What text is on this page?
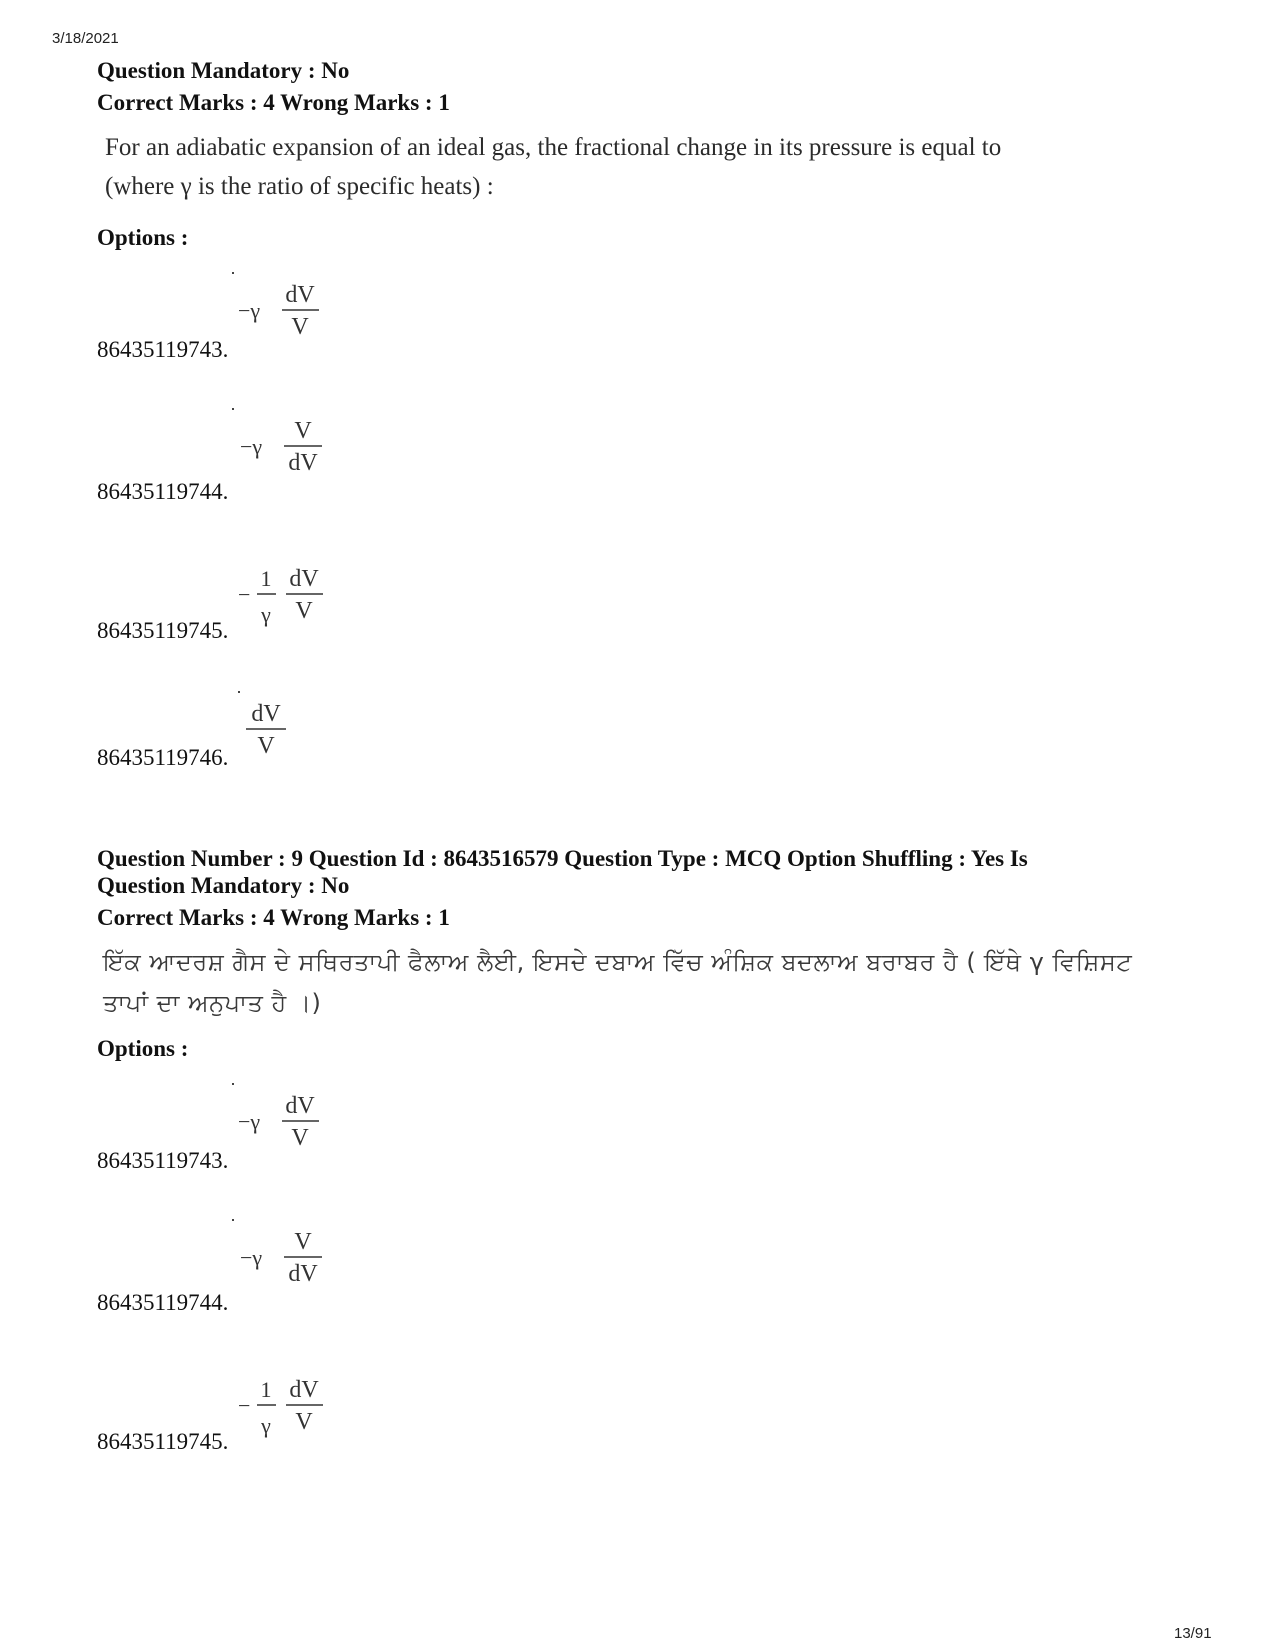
3/18/2021
Question Mandatory : No
Correct Marks : 4 Wrong Marks : 1
For an adiabatic expansion of an ideal gas, the fractional change in its pressure is equal to
(where γ is the ratio of specific heats) :
Options :
−γ
dV
V
86435119743.
−γ
V
dV
86435119744.
−
1
γ
dV
V
86435119745.
dV
V
86435119746.
Question Number : 9 Question Id : 8643516579 Question Type : MCQ Option Shuffling : Yes Is
Question Mandatory : No
Correct Marks : 4 Wrong Marks : 1
ਇੱਕ ਆਦਰਸ਼ ਗੈਸ ਦੇ ਸਥਿਰਤਾਪੀ ਫੈਲਾਅ ਲੈਈ, ਇਸਦੇ ਦਬਾਅ ਵਿੱਚ ਅੰਸ਼ਿਕ ਬਦਲਾਅ ਬਰਾਬਰ ਹੈ ( ਇੱਥੇ γ ਵਿਸ਼ਿਸਟ
ਤਾਪਾਂ ਦਾ ਅਨੁਪਾਤ ਹੈ ।)
Options :
−γ
dV
V
86435119743.
−γ
V
dV
86435119744.
−
1
γ
dV
V
86435119745.
13/91
